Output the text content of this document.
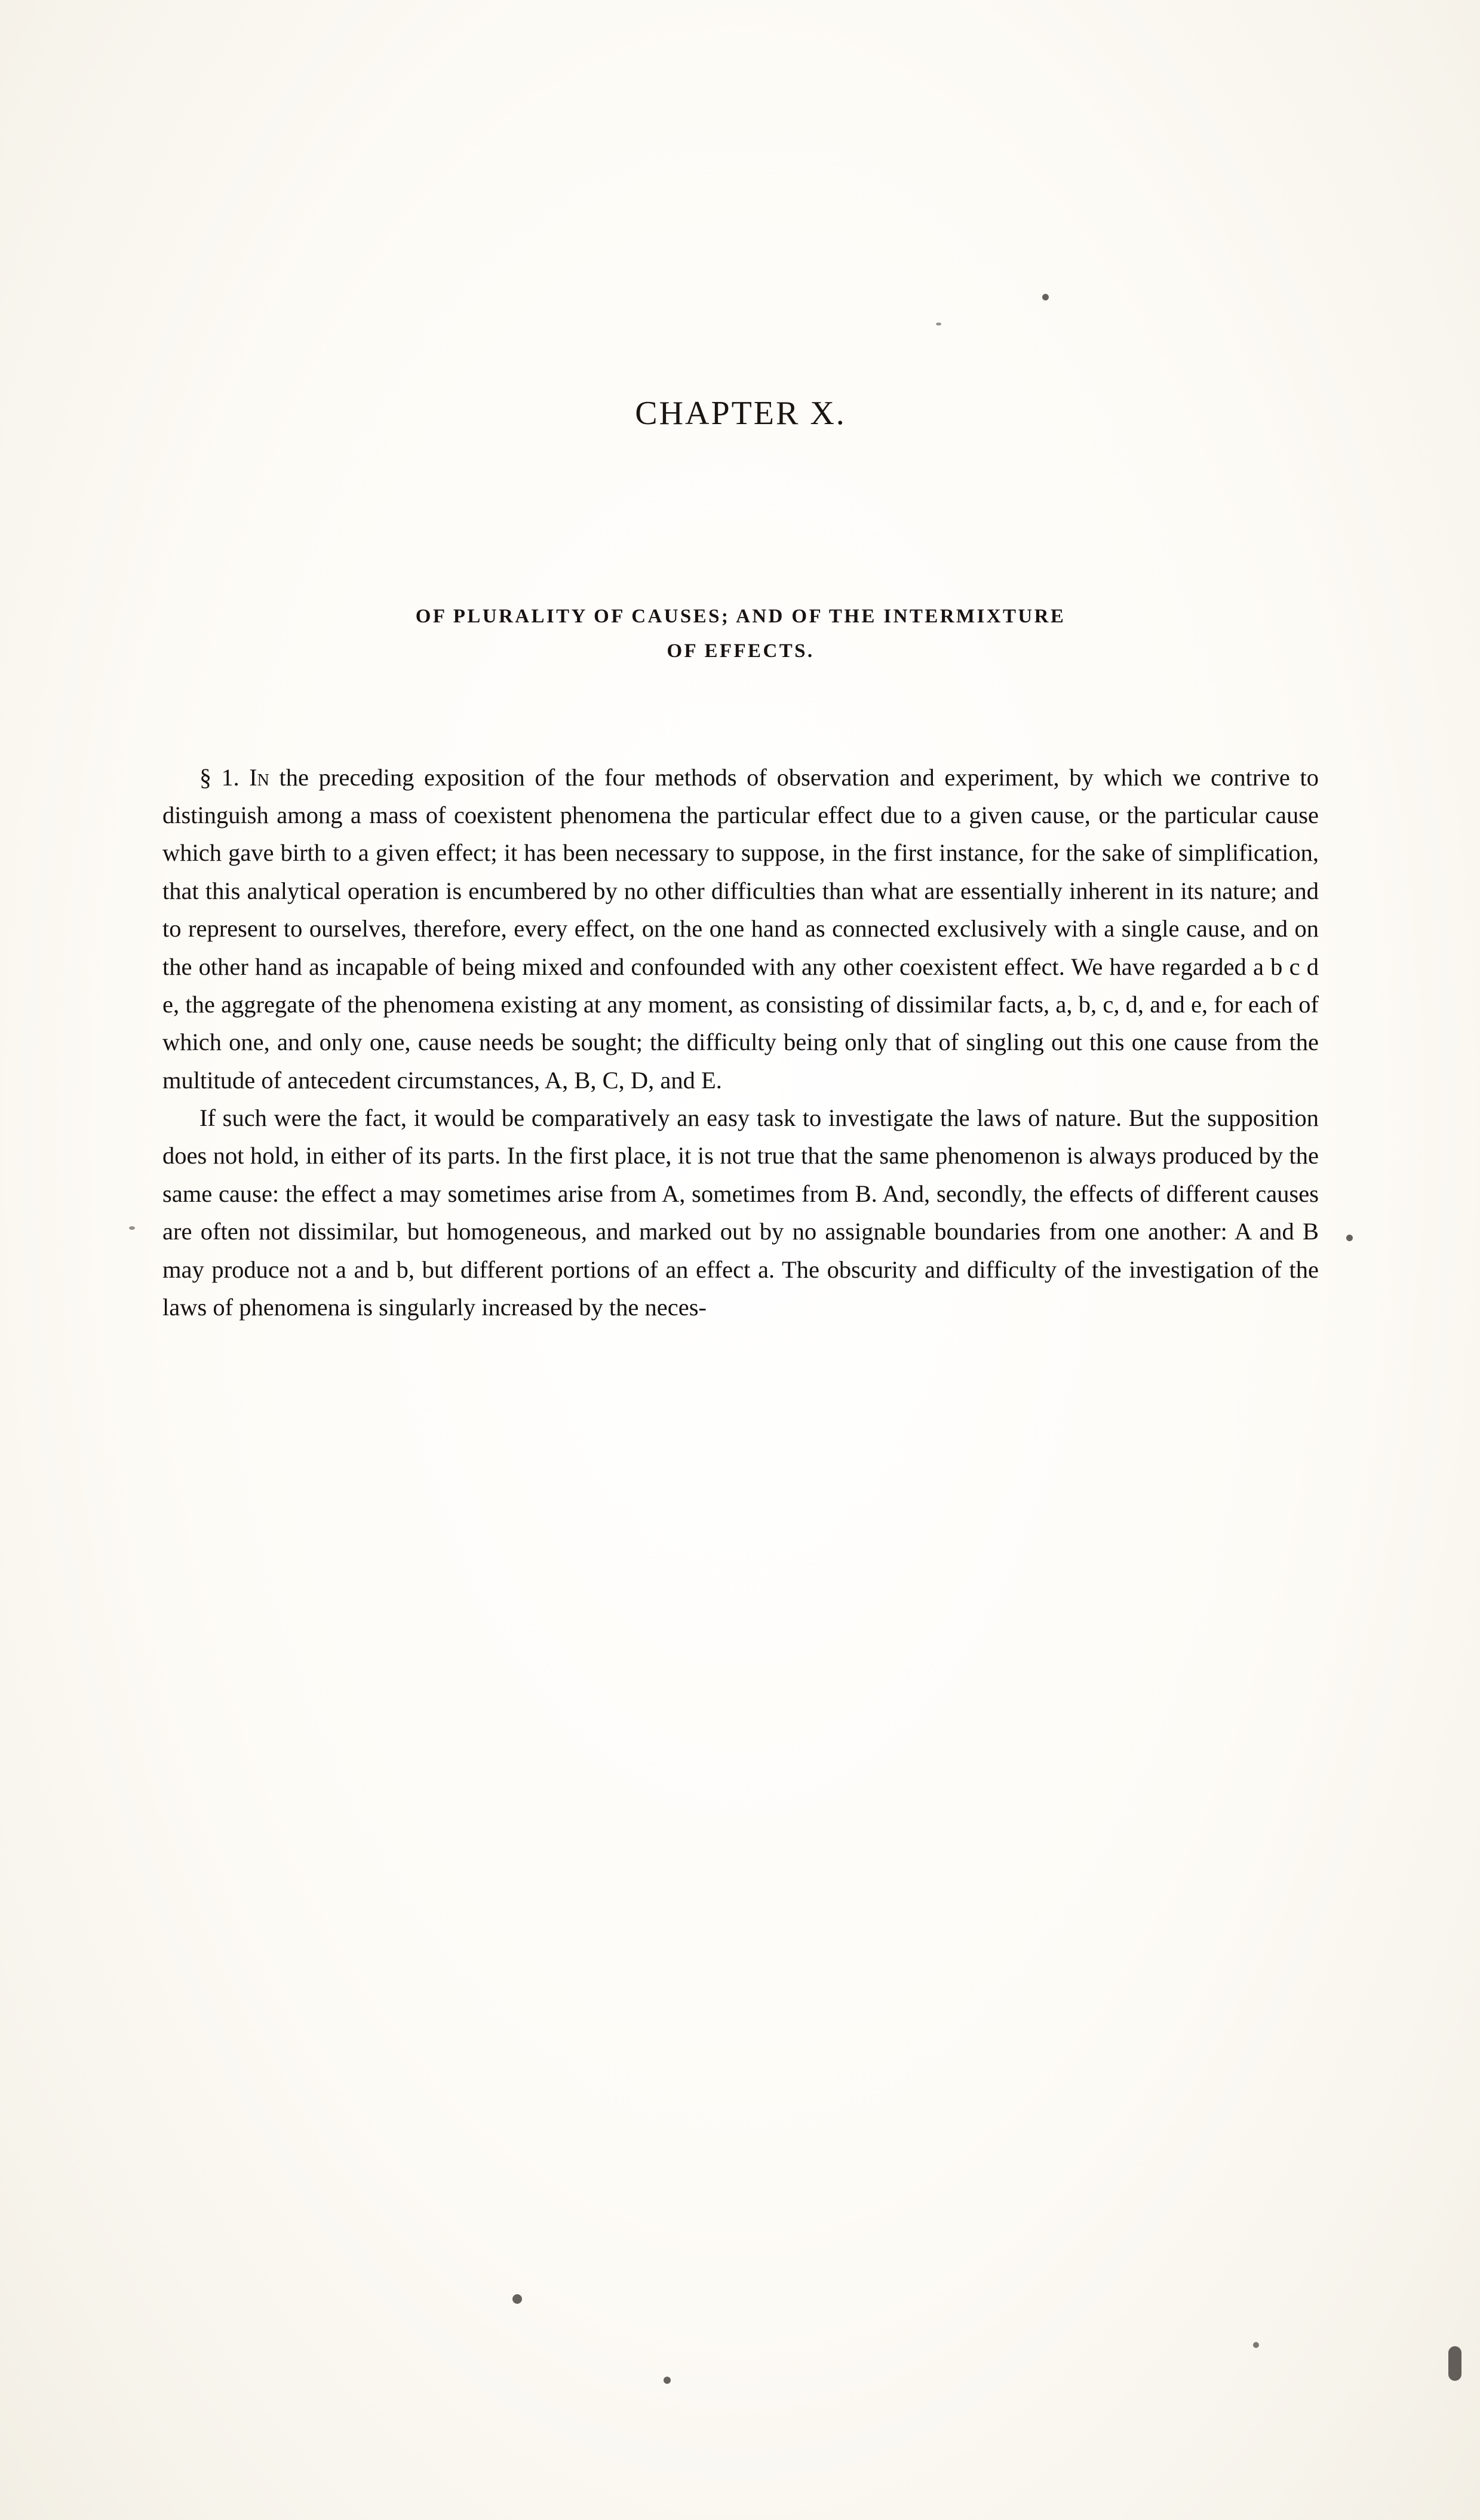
CHAPTER X.
OF PLURALITY OF CAUSES; AND OF THE INTERMIXTURE
OF EFFECTS.

§ 1. In the preceding exposition of the four methods of observation and experiment, by which we contrive to distinguish among a mass of coexistent phenomena the particular effect due to a given cause, or the particular cause which gave birth to a given effect; it has been necessary to suppose, in the first instance, for the sake of simplification, that this analytical operation is encumbered by no other difficulties than what are essentially inherent in its nature; and to represent to ourselves, therefore, every effect, on the one hand as connected exclusively with a single cause, and on the other hand as incapable of being mixed and confounded with any other coexistent effect. We have regarded a b c d e, the aggregate of the phenomena existing at any moment, as consisting of dissimilar facts, a, b, c, d, and e, for each of which one, and only one, cause needs be sought; the difficulty being only that of singling out this one cause from the multitude of antecedent circumstances, A, B, C, D, and E.

If such were the fact, it would be comparatively an easy task to investigate the laws of nature. But the supposition does not hold, in either of its parts. In the first place, it is not true that the same phenomenon is always produced by the same cause: the effect a may sometimes arise from A, sometimes from B. And, secondly, the effects of different causes are often not dissimilar, but homogeneous, and marked out by no assignable boundaries from one another: A and B may produce not a and b, but different portions of an effect a. The obscurity and difficulty of the investigation of the laws of phenomena is singularly increased by the neces-
